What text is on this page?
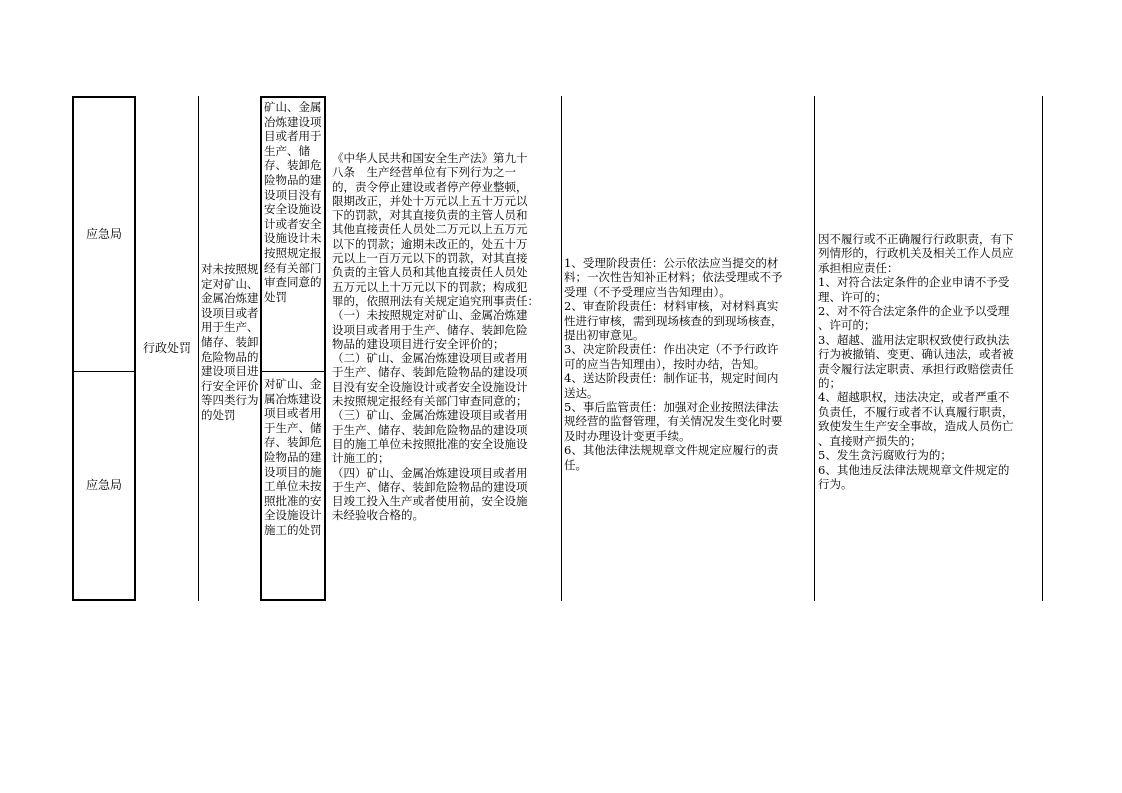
应急局
应急局
行政处罚
对未按照规定对矿山、金属冶炼建设项目或者用于生产、储存、装卸危险物品的建设项目进行安全评价等四类行为的处罚
矿山、金属冶炼建设项目或者用于生产、储存、装卸危险物品的建设项目没有安全设施设计或者安全设施设计未按照规定报经有关部门审查同意的处罚
对矿山、金属冶炼建设项目或者用于生产、储存、装卸危险物品的建设项目的施工单位未按照批准的安全设施设计施工的处罚
《中华人民共和国安全生产法》第九十
八条　生产经营单位有下列行为之一
的，责令停止建设或者停产停业整顿，
限期改正，并处十万元以上五十万元以
下的罚款，对其直接负责的主管人员和
其他直接责任人员处二万元以上五万元
以下的罚款；逾期未改正的，处五十万
元以上一百万元以下的罚款，对其直接
负责的主管人员和其他直接责任人员处
五万元以上十万元以下的罚款；构成犯
罪的，依照刑法有关规定追究刑事责任：
（一）未按照规定对矿山、金属冶炼建
设项目或者用于生产、储存、装卸危险
物品的建设项目进行安全评价的；
（二）矿山、金属冶炼建设项目或者用
于生产、储存、装卸危险物品的建设项
目没有安全设施设计或者安全设施设计
未按照规定报经有关部门审查同意的；
（三）矿山、金属冶炼建设项目或者用
于生产、储存、装卸危险物品的建设项
目的施工单位未按照批准的安全设施设
计施工的；
（四）矿山、金属冶炼建设项目或者用
于生产、储存、装卸危险物品的建设项
目竣工投入生产或者使用前，安全设施
未经验收合格的。
1、受理阶段责任：公示依法应当提交的材
料；一次性告知补正材料；依法受理或不予
受理（不予受理应当告知理由）。
2、审查阶段责任：材料审核，对材料真实
性进行审核，需到现场核查的到现场核查，
提出初审意见。
3、决定阶段责任：作出决定（不予行政许
可的应当告知理由），按时办结，告知。
4、送达阶段责任：制作证书，规定时间内
送达。
5、事后监管责任：加强对企业按照法律法
规经营的监督管理，有关情况发生变化时要
及时办理设计变更手续。
6、其他法律法规规章文件规定应履行的责
任。
因不履行或不正确履行行政职责，有下
列情形的，行政机关及相关工作人员应
承担相应责任：
1、对符合法定条件的企业申请不予受
理、许可的；
2、对不符合法定条件的企业予以受理
、许可的；
3、超越、滥用法定职权致使行政执法
行为被撤销、变更、确认违法，或者被
责令履行法定职责、承担行政赔偿责任
的；
4、超越职权，违法决定，或者严重不
负责任，不履行或者不认真履行职责，
致使发生生产安全事故，造成人员伤亡
、直接财产损失的；
5、发生贪污腐败行为的；
6、其他违反法律法规规章文件规定的
行为。
